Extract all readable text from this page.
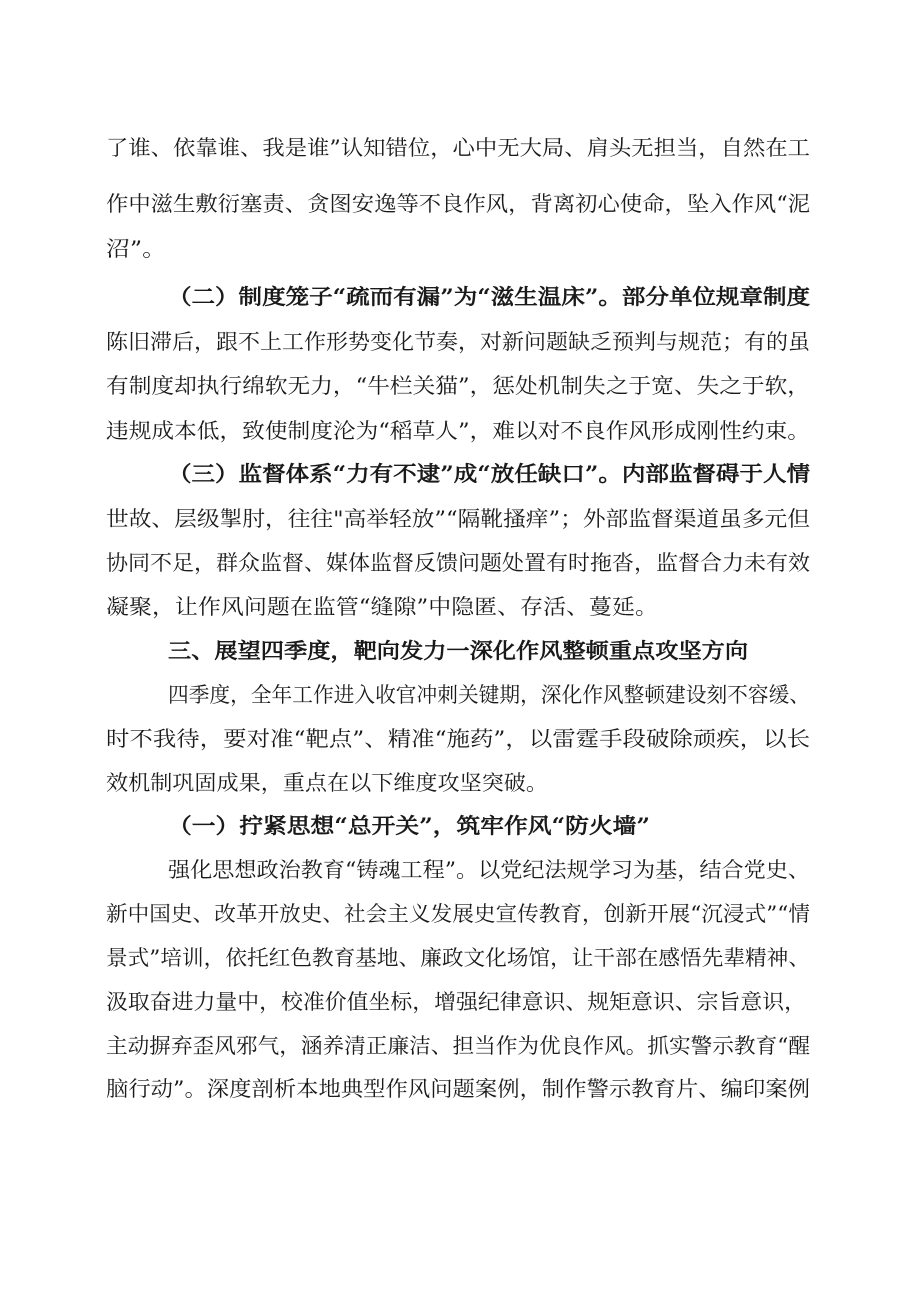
了谁、依靠谁、我是谁”认知错位，心中无大局、肩头无担当，自然在工
作中滋生敷衍塞责、贪图安逸等不良作风，背离初心使命，坠入作风“泥
沼”。
（二）制度笼子“疏而有漏”为“滋生温床”。部分单位规章制度
陈旧滞后，跟不上工作形势变化节奏，对新问题缺乏预判与规范；有的虽
有制度却执行绵软无力，“牛栏关猫”，惩处机制失之于宽、失之于软，
违规成本低，致使制度沦为“稻草人”，难以对不良作风形成刚性约束。
（三）监督体系“力有不逮”成“放任缺口”。内部监督碍于人情
世故、层级掣肘，往往"高举轻放”“隔靴搔痒”；外部监督渠道虽多元但
协同不足，群众监督、媒体监督反馈问题处置有时拖沓，监督合力未有效
凝聚，让作风问题在监管“缝隙”中隐匿、存活、蔓延。
三、展望四季度，靶向发力一深化作风整顿重点攻坚方向
四季度，全年工作进入收官冲刺关键期，深化作风整顿建设刻不容缓、
时不我待，要对准“靶点”、精准“施药”，以雷霆手段破除顽疾，以长
效机制巩固成果，重点在以下维度攻坚突破。
（一）拧紧思想“总开关”，筑牢作风“防火墙”
强化思想政治教育“铸魂工程”。以党纪法规学习为基，结合党史、
新中国史、改革开放史、社会主义发展史宣传教育，创新开展“沉浸式”“情
景式”培训，依托红色教育基地、廉政文化场馆，让干部在感悟先辈精神、
汲取奋进力量中，校准价值坐标，增强纪律意识、规矩意识、宗旨意识，
主动摒弃歪风邪气，涵养清正廉洁、担当作为优良作风。抓实警示教育“醒
脑行动”。深度剖析本地典型作风问题案例，制作警示教育片、编印案例
